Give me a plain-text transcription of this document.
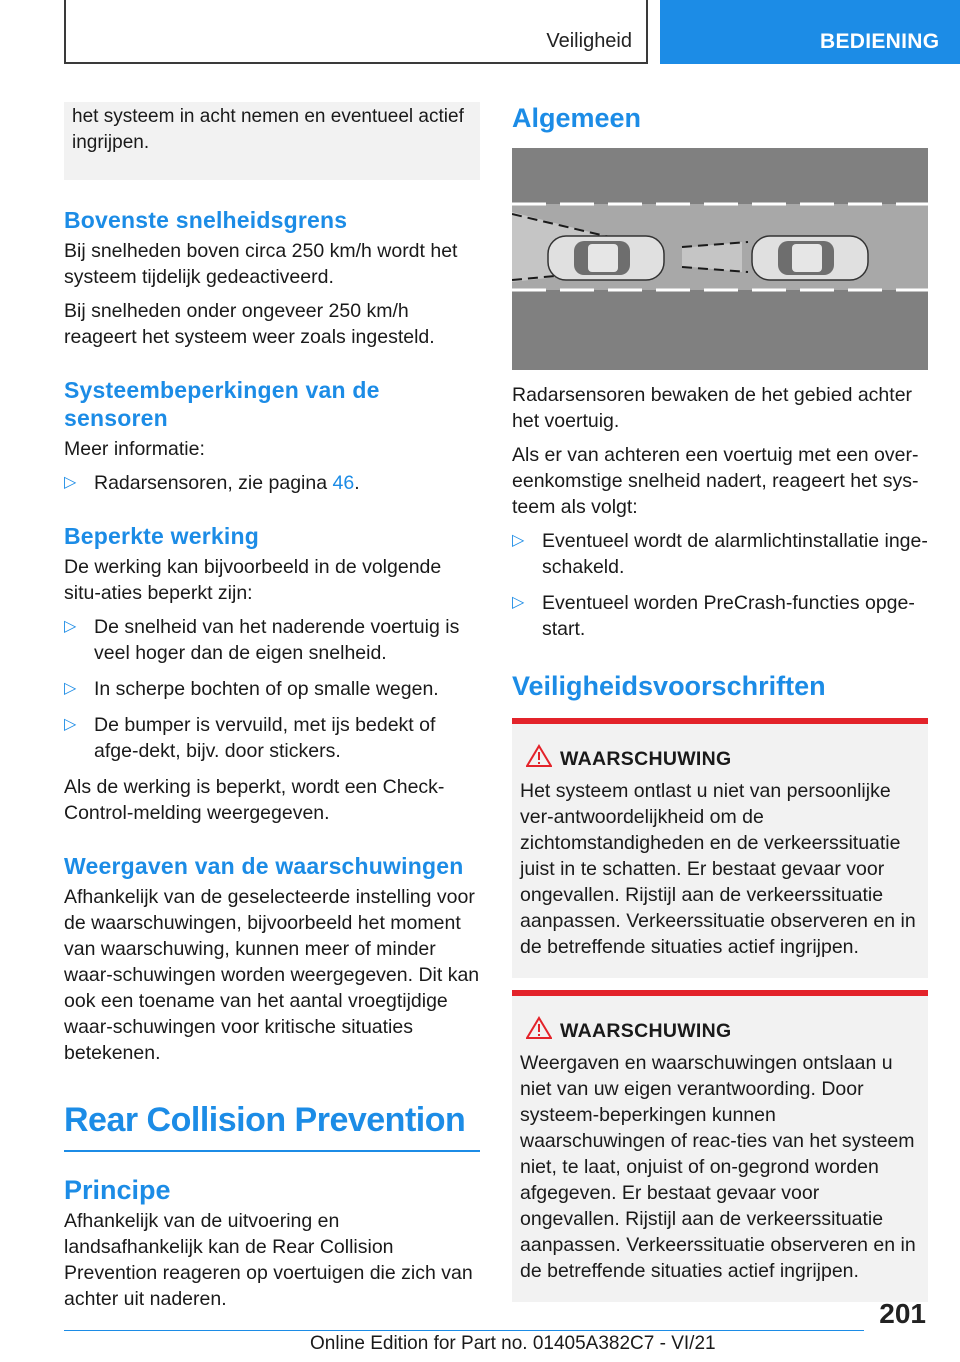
Veiligheid	BEDIENING
het systeem in acht nemen en eventueel actief ingrijpen.
Bovenste snelheidsgrens

Bij snelheden boven circa 250 km/h wordt het systeem tijdelijk gedeactiveerd.

Bij snelheden onder ongeveer 250 km/h reageert het systeem weer zoals ingesteld.

Systeembeperkingen van de sensoren

Meer informatie:

▷ Radarsensoren, zie pagina 46.
Beperkte werking

De werking kan bijvoorbeeld in de volgende situ-aties beperkt zijn:

▷ De snelheid van het naderende voertuig is veel hoger dan de eigen snelheid.
▷ In scherpe bochten of op smalle wegen.
▷ De bumper is vervuild, met ijs bedekt of afge-dekt, bijv. door stickers.

Als de werking is beperkt, wordt een Check-Control-melding weergegeven.

Weergaven van de waarschuwingen

Afhankelijk van de geselecteerde instelling voor de waarschuwingen, bijvoorbeeld het moment van waarschuwing, kunnen meer of minder waar-schuwingen worden weergegeven. Dit kan ook een toename van het aantal vroegtijdige waar-schuwingen voor kritische situaties betekenen.

Rear Collision Prevention
Principe

Afhankelijk van de uitvoering en landsafhankelijk kan de Rear Collision Prevention reageren op voertuigen die zich van achter uit naderen.

Algemeen

Radarsensoren bewaken de het gebied achter het voertuig.

Als er van achteren een voertuig met een over-eenkomstige snelheid nadert, reageert het sys-teem als volgt:

▷ Eventueel wordt de alarmlichtinstallatie inge-schakeld.
▷ Eventueel worden PreCrash-functies opge-start.
Veiligheidsvoorschriften
WAARSCHUWING

Het systeem ontlast u niet van persoonlijke ver-antwoordelijkheid om de zichtomstandigheden en de verkeerssituatie juist in te schatten. Er bestaat gevaar voor ongevallen. Rijstijl aan de verkeerssituatie aanpassen. Verkeerssituatie observeren en in de betreffende situaties actief ingrijpen.

WAARSCHUWING

Weergaven en waarschuwingen ontslaan u niet van uw eigen verantwoording. Door systeem-beperkingen kunnen waarschuwingen of reac-ties van het systeem niet, te laat, onjuist of on-gegrond worden afgegeven. Er bestaat gevaar voor ongevallen. Rijstijl aan de verkeerssituatie aanpassen. Verkeerssituatie observeren en in de betreffende situaties actief ingrijpen.

201
Online Edition for Part no. 01405A382C7 - VI/21
